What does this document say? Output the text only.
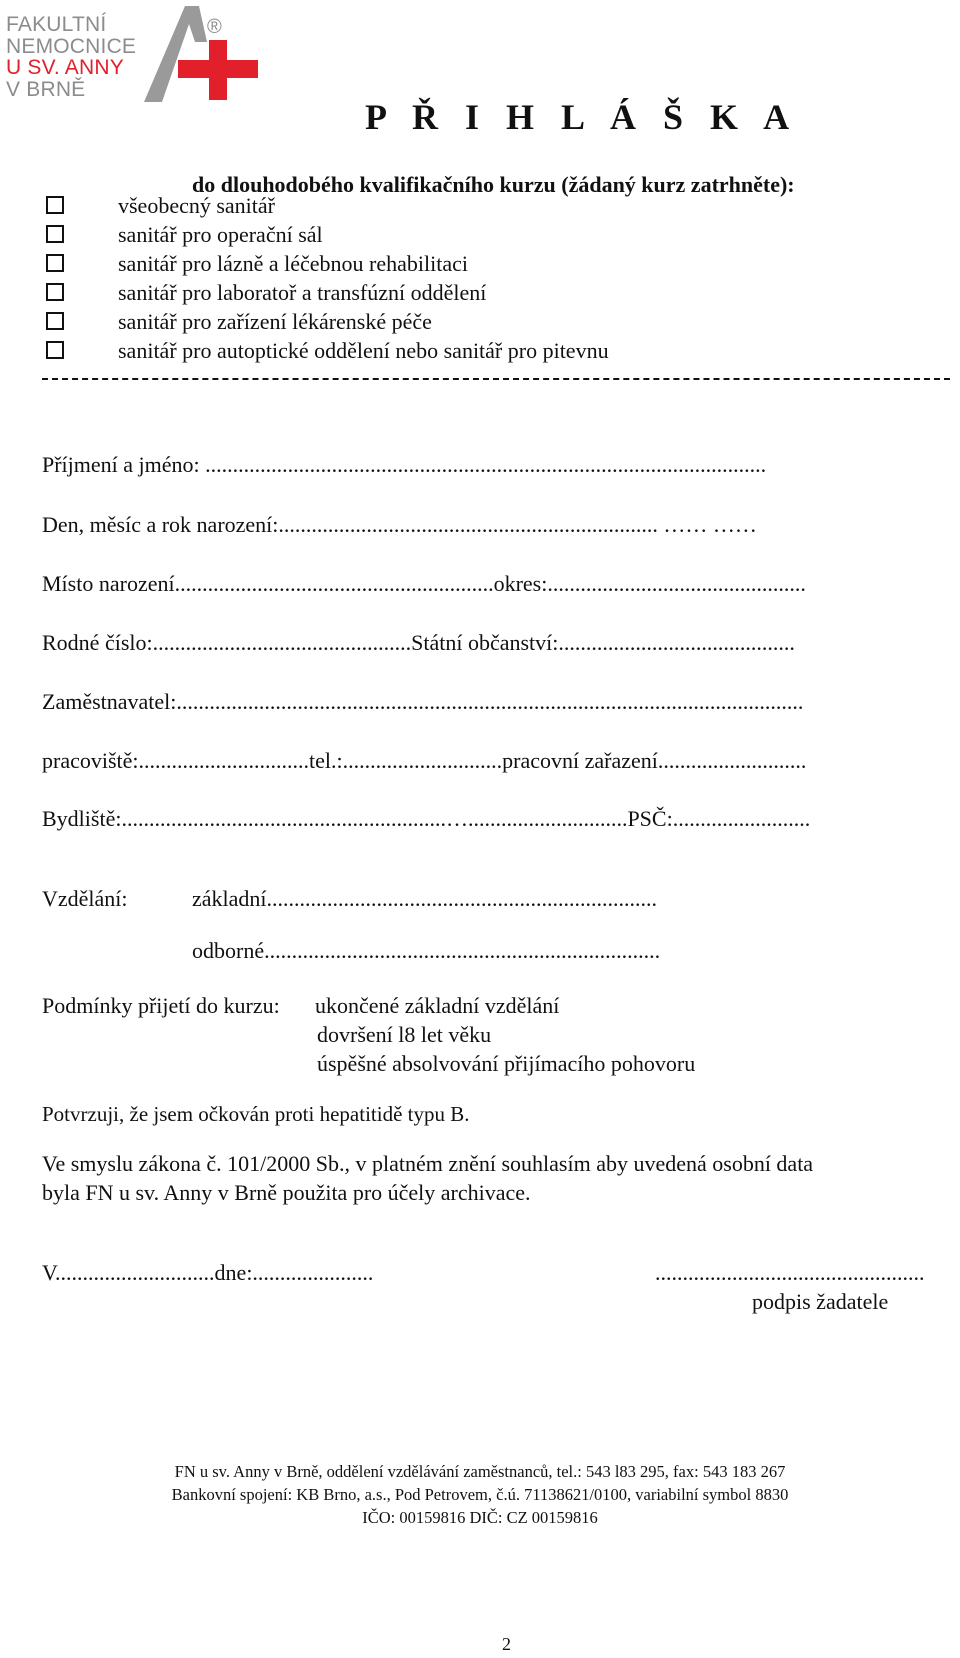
FAKULTNÍ
NEMOCNICE
U SV. ANNY
V BRNĚ
®
P Ř I H L Á Š K A
do dlouhodobého kvalifikačního kurzu (žádaný kurz zatrhněte):
všeobecný sanitář
sanitář pro operační sál
sanitář pro lázně a léčebnou rehabilitaci
sanitář pro laboratoř a transfúzní oddělení
sanitář pro zařízení lékárenské péče
sanitář pro autoptické oddělení nebo sanitář pro pitevnu
Příjmení a jméno: ......................................................................................................
Den, měsíc a rok narození:..................................................................... …… ……
Místo narození..........................................................okres:...............................................
Rodné číslo:...............................................Státní občanství:...........................................
Zaměstnavatel:..................................................................................................................
pracoviště:...............................tel.:.............................pracovní zařazení...........................
Bydliště:...........................................................….............................PSČ:.........................
Vzdělání:	základní.......................................................................
odborné........................................................................
Podmínky přijetí do kurzu: ukončené základní vzdělání
dovršení l8 let věku
úspěšné absolvování přijímacího pohovoru
Potvrzuji, že jsem očkován proti hepatitidě typu B.
Ve smyslu zákona č. 101/2000 Sb., v platném znění souhlasím aby uvedená osobní data
byla FN u sv. Anny v Brně použita pro účely archivace.
V.............................dne:......................	.................................................
podpis žadatele
FN u sv. Anny v Brně, oddělení vzdělávání zaměstnanců, tel.: 543 l83 295, fax: 543 183 267
Bankovní spojení: KB Brno, a.s., Pod Petrovem, č.ú. 71138621/0100, variabilní symbol 8830
IČO: 00159816 DIČ: CZ 00159816
2
